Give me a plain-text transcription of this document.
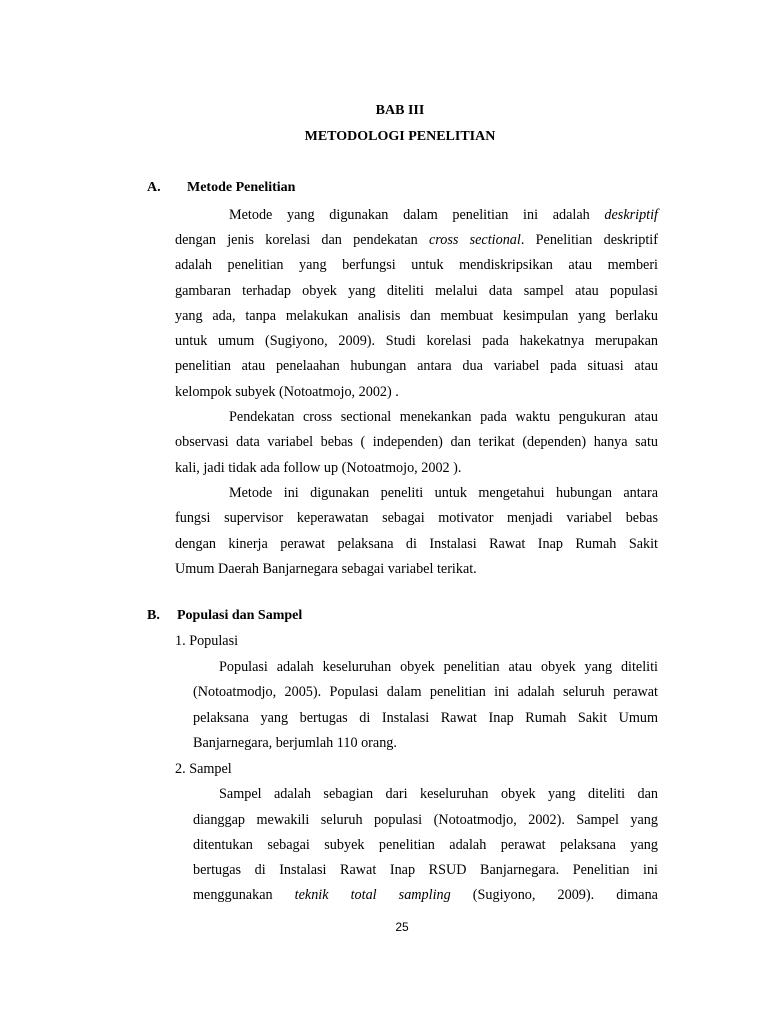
BAB III
METODOLOGI PENELITIAN
A. Metode Penelitian
Metode yang digunakan dalam penelitian ini adalah deskriptif
dengan jenis korelasi dan pendekatan cross sectional. Penelitian deskriptif
adalah penelitian yang berfungsi untuk mendiskripsikan atau memberi
gambaran terhadap obyek yang diteliti melalui data sampel atau populasi
yang ada, tanpa melakukan analisis dan membuat kesimpulan yang berlaku
untuk umum (Sugiyono, 2009). Studi korelasi pada hakekatnya merupakan
penelitian atau penelaahan hubungan antara dua variabel pada situasi atau
kelompok subyek (Notoatmojo, 2002) .
Pendekatan cross sectional menekankan pada waktu pengukuran atau
observasi data variabel bebas ( independen) dan terikat (dependen) hanya satu
kali, jadi tidak ada follow up (Notoatmojo, 2002 ).
Metode ini digunakan peneliti untuk mengetahui hubungan antara
fungsi supervisor keperawatan sebagai motivator menjadi variabel bebas
dengan kinerja perawat pelaksana di Instalasi Rawat Inap Rumah Sakit
Umum Daerah Banjarnegara sebagai variabel terikat.
B. Populasi dan Sampel
1. Populasi
Populasi adalah keseluruhan obyek penelitian atau obyek yang diteliti
(Notoatmodjo, 2005). Populasi dalam penelitian ini adalah seluruh perawat
pelaksana yang bertugas di Instalasi Rawat Inap Rumah Sakit Umum
Banjarnegara, berjumlah 110 orang.
2. Sampel
Sampel adalah sebagian dari keseluruhan obyek yang diteliti dan
dianggap mewakili seluruh populasi (Notoatmodjo, 2002). Sampel yang
ditentukan sebagai subyek penelitian adalah perawat pelaksana yang
bertugas di Instalasi Rawat Inap RSUD Banjarnegara. Penelitian ini
menggunakan teknik total sampling (Sugiyono, 2009). dimana
25
